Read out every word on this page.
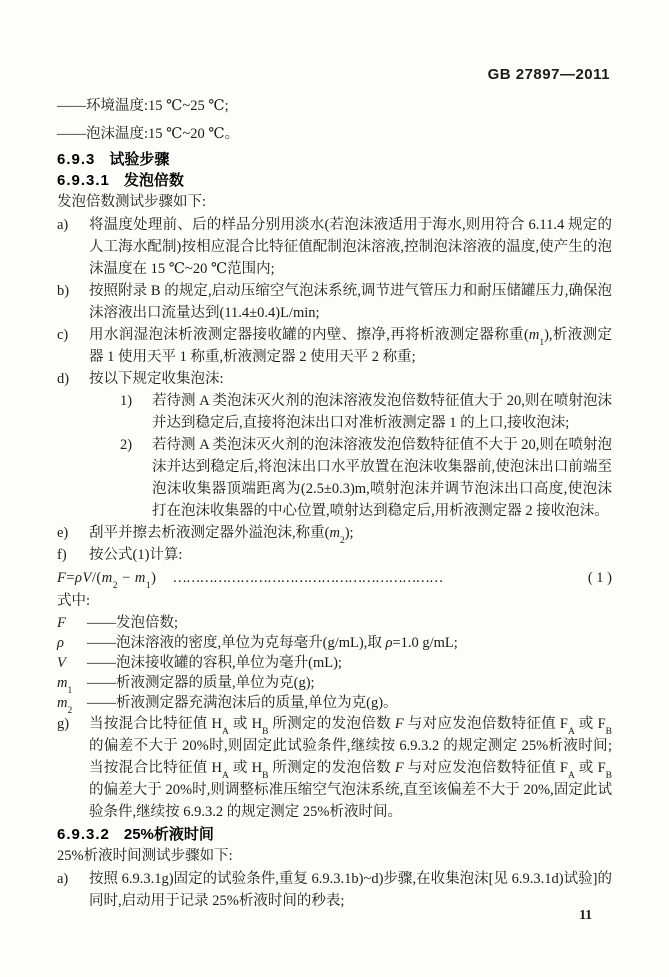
GB 27897—2011

——环境温度:15 ℃~25 ℃;

——泡沫温度:15 ℃~20 ℃。

6.9.3 试验步骤
6.9.3.1 发泡倍数

发泡倍数测试步骤如下:

a)	将温度处理前、后的样品分别用淡水(若泡沫液适用于海水,则用符合 6.11.4 规定的人工海水配制)按相应混合比特征值配制泡沫溶液,控制泡沫溶液的温度,使产生的泡沫温度在 15 ℃~20 ℃范围内;
b)	按照附录 B 的规定,启动压缩空气泡沫系统,调节进气管压力和耐压储罐压力,确保泡沫溶液出口流量达到(11.4±0.4)L/min;
c)	用水润湿泡沫析液测定器接收罐的内壁、擦净,再将析液测定器称重$(m_1)$,析液测定器 1 使用天平 1 称重,析液测定器 2 使用天平 2 称重;
d)	按以下规定收集泡沫:
1)	若待测 A 类泡沫灭火剂的泡沫溶液发泡倍数特征值大于 20,则在喷射泡沫并达到稳定后,直接将泡沫出口对准析液测定器 1 的上口,接收泡沫;
2)	若待测 A 类泡沫灭火剂的泡沫溶液发泡倍数特征值不大于 20,则在喷射泡沫并达到稳定后,将泡沫出口水平放置在泡沫收集器前,使泡沫出口前端至泡沫收集器顶端距离为(2.5±0.3)m,喷射泡沫并调节泡沫出口高度,使泡沫打在泡沫收集器的中心位置,喷射达到稳定后,用析液测定器 2 接收泡沫。
e)	刮平并擦去析液测定器外溢泡沫,称重$(m_2)$;
f)	按公式(1)计算:
$F=\rho V/(m_2 - m_1)$ ……………………………………………………	( 1 )

式中:

F	——发泡倍数;
ρ	——泡沫溶液的密度,单位为克每毫升(g/mL),取 ρ=1.0 g/mL;
V	——泡沫接收罐的容积,单位为毫升(mL);
$m_1$	——析液测定器的质量,单位为克(g);
$m_2$	——析液测定器充满泡沫后的质量,单位为克(g)。
g)	当按混合比特征值 $H_A$ 或 $H_B$ 所测定的发泡倍数 F 与对应发泡倍数特征值 $F_A$ 或 $F_B$ 的偏差不大于 20%时,则固定此试验条件,继续按 6.9.3.2 的规定测定 25%析液时间;当按混合比特征值 $H_A$ 或 $H_B$ 所测定的发泡倍数 F 与对应发泡倍数特征值 $F_A$ 或 $F_B$ 的偏差大于 20%时,则调整标准压缩空气泡沫系统,直至该偏差不大于 20%,固定此试验条件,继续按 6.9.3.2 的规定测定 25%析液时间。
6.9.3.2 25%析液时间

25%析液时间测试步骤如下:

a)	按照 6.9.3.1g)固定的试验条件,重复 6.9.3.1b)~d)步骤,在收集泡沫[见 6.9.3.1d)试验]的同时,启动用于记录 25%析液时间的秒表;
11
